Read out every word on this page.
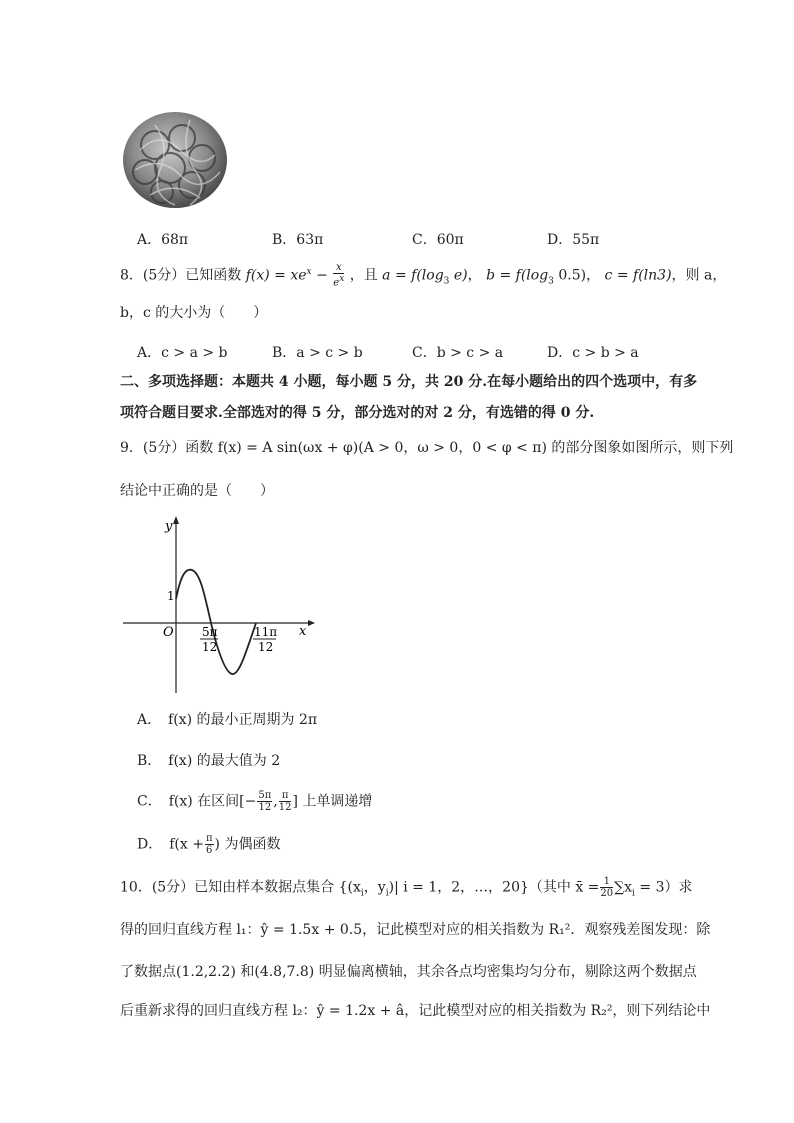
A．68π	B．63π	C．60π	D．55π
8．(5分）已知函数 $f(x) = xe^x - \frac{x}{e^x}$ ，且 $a = f(\log_3$ e)， $b = f(\log_3$ 0.5)， c = f(ln3)，则 a，
b，c 的大小为（　　）
A．c > a > b	B．a > c > b	C．b > c > a	D．c > b > a
二、多项选择题：本题共 4 小题，每小题 5 分，共 20 分.在每小题给出的四个选项中，有多
项符合题目要求.全部选对的得 5 分，部分选对的对 2 分，有选错的得 0 分.
9．(5分）函数 f(x) = A sin(ωx + φ)(A > 0，ω > 0，0 < φ < π) 的部分图象如图所示，则下列
结论中正确的是（　　）
y
x
O
1
5π
12
11π
12
A．　f(x) 的最小正周期为 2π
B．　f(x) 的最大值为 2
C．　f(x) 在区间[− $\frac{5\pi}{12}$ , $\frac{\pi}{12}$ ] 上单调递增
D．　$f(x + \frac{\pi}{6}$ ) 为偶函数
10．(5分）已知由样本数据点集合 {($x_i$，$y_i)|$ i = 1，2，…，20}（其中 x̄ = $\frac{1}{20} \sum x_i = 3$）求
得的回归直线方程 l₁：ŷ = 1.5x + 0.5，记此模型对应的相关指数为 R₁²．观察残差图发现：除
了数据点(1.2,2.2) 和(4.8,7.8) 明显偏离横轴，其余各点均密集均匀分布，剔除这两个数据点
后重新求得的回归直线方程 l₂：ŷ = 1.2x + â，记此模型对应的相关指数为 R₂²，则下列结论中
